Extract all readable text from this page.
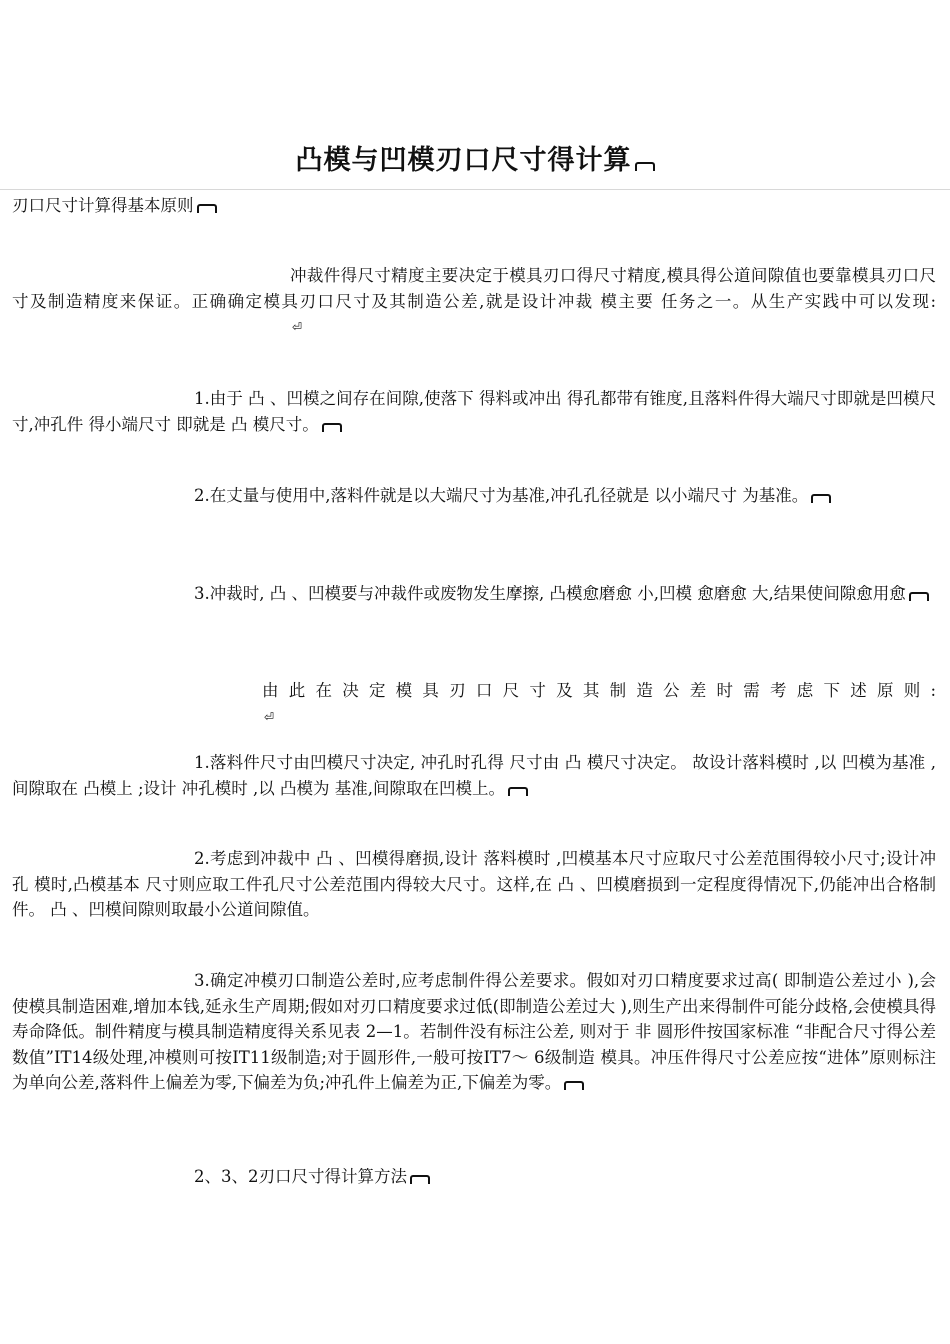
凸模与凹模刃口尺寸得计算
刃口尺寸计算得基本原则
冲裁件得尺寸精度主要决定于模具刃口得尺寸精度,模具得公道间隙值也要靠模具刃口尺寸及制造精度来保证。正确确定模具刃口尺寸及其制造公差,就是设计冲裁 模主要 任务之一。从生产实践中可以发现:⏎
1.由于 凸 、凹模之间存在间隙,使落下 得料或冲出 得孔都带有锥度,且落料件得大端尺寸即就是凹模尺寸,冲孔件 得小端尺寸 即就是 凸 模尺寸。
2.在丈量与使用中,落料件就是以大端尺寸为基准,冲孔孔径就是 以小端尺寸 为基准。
3.冲裁时, 凸 、凹模要与冲裁件或废物发生摩擦, 凸模愈磨愈 小,凹模 愈磨愈 大,结果使间隙愈用愈
由此在决定模具刃口尺寸及其制造公差时需考虑下述原则:⏎
1.落料件尺寸由凹模尺寸决定, 冲孔时孔得 尺寸由 凸 模尺寸决定。 故设计落料模时 ,以 凹模为基准 ,间隙取在 凸模上 ;设计 冲孔模时 ,以 凸模为 基准,间隙取在凹模上。
2.考虑到冲裁中 凸 、凹模得磨损,设计 落料模时 ,凹模基本尺寸应取尺寸公差范围得较小尺寸;设计冲孔 模时,凸模基本 尺寸则应取工件孔尺寸公差范围内得较大尺寸。这样,在 凸 、凹模磨损到一定程度得情况下,仍能冲出合格制件。 凸 、凹模间隙则取最小公道间隙值。
3.确定冲模刃口制造公差时,应考虑制件得公差要求。假如对刃口精度要求过高( 即制造公差过小 ),会使模具制造困难,增加本钱,延永生产周期;假如对刃口精度要求过低(即制造公差过大 ),则生产出来得制件可能分歧格,会使模具得寿命降低。制件精度与模具制造精度得关系见表 2—1。若制件没有标注公差, 则对于 非 圆形件按国家标准 “非配合尺寸得公差数值”IT14级处理,冲模则可按IT11级制造;对于圆形件,一般可按IT7～ 6级制造 模具。冲压件得尺寸公差应按“进体”原则标注为单向公差,落料件上偏差为零,下偏差为负;冲孔件上偏差为正,下偏差为零。
2、3、2刃口尺寸得计算方法
